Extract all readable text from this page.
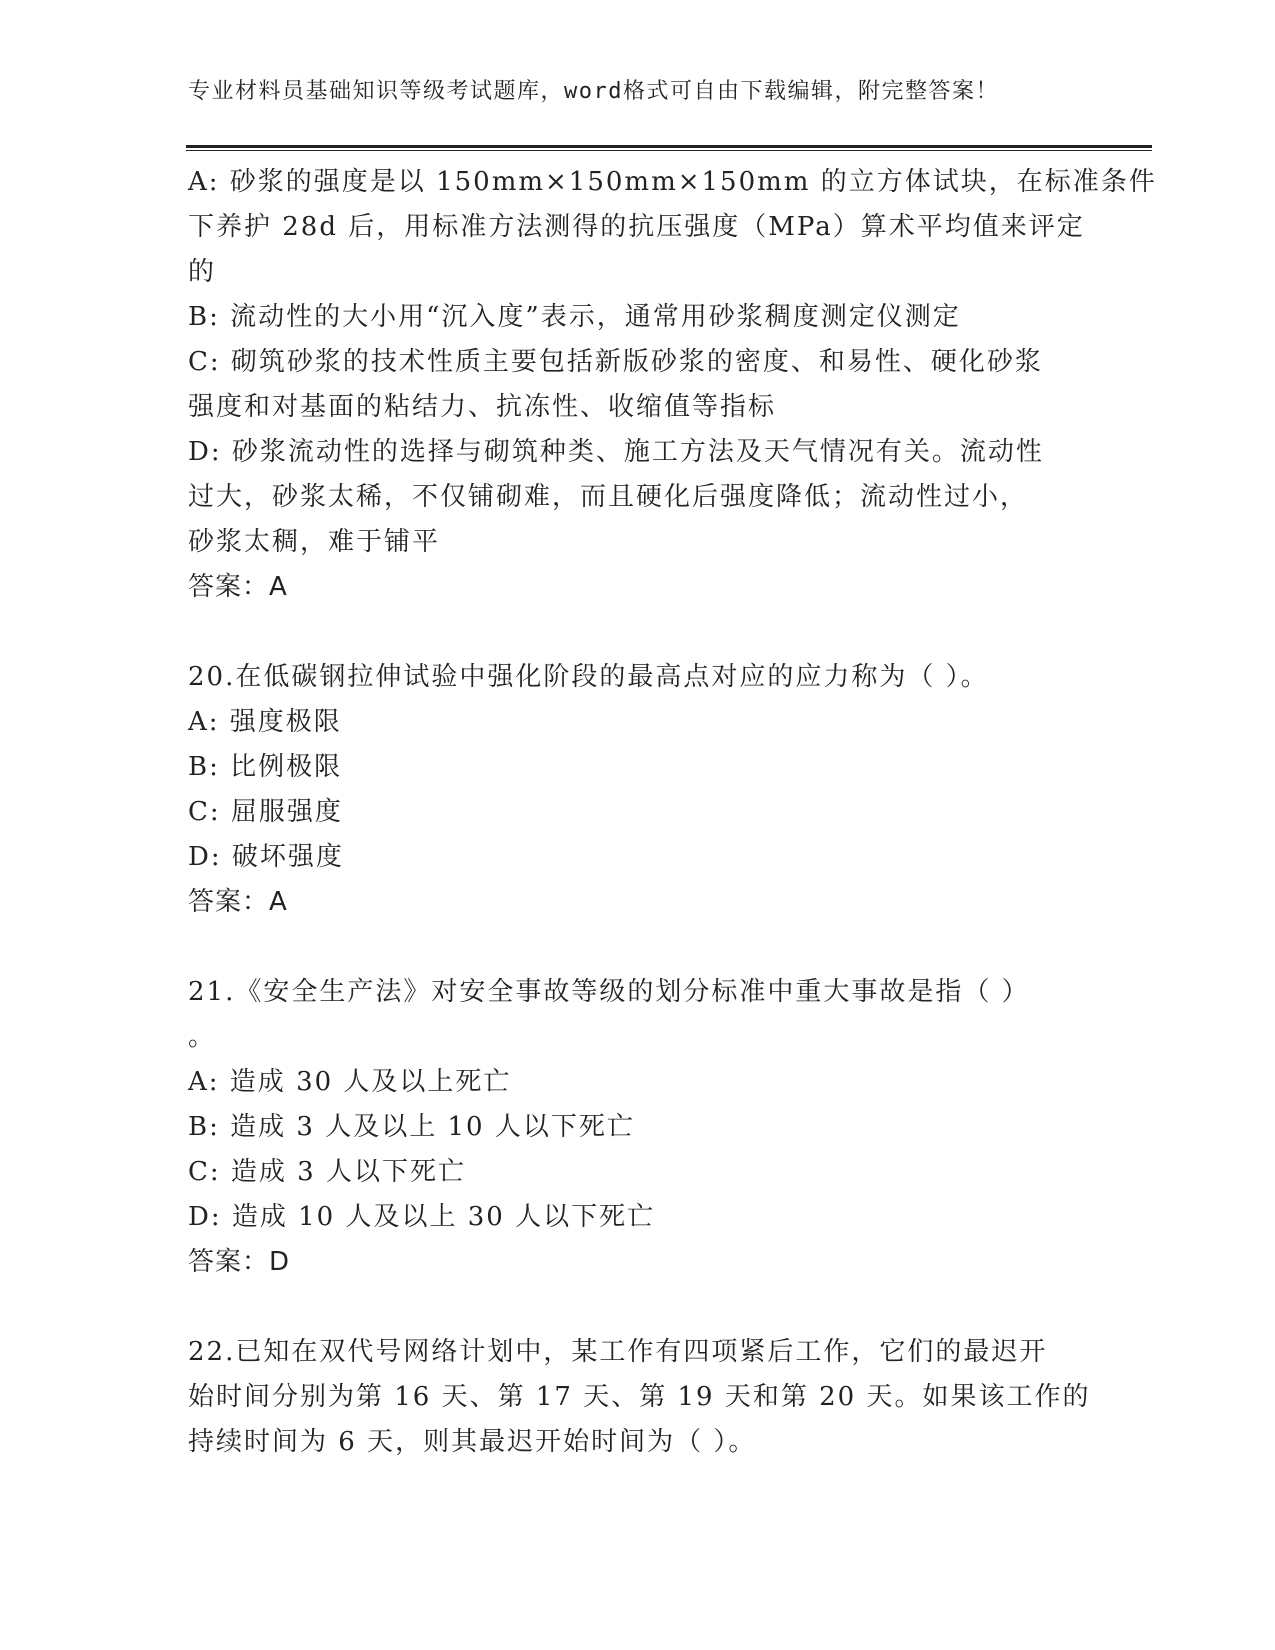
专业材料员基础知识等级考试题库，word格式可自由下载编辑，附完整答案！
A: 砂浆的强度是以 150mm×150mm×150mm 的立方体试块，在标准条件
下养护 28d 后，用标准方法测得的抗压强度（MPa）算术平均值来评定
的
B: 流动性的大小用“沉入度”表示，通常用砂浆稠度测定仪测定
C: 砌筑砂浆的技术性质主要包括新版砂浆的密度、和易性、硬化砂浆
强度和对基面的粘结力、抗冻性、收缩值等指标
D: 砂浆流动性的选择与砌筑种类、施工方法及天气情况有关。流动性
过大，砂浆太稀，不仅铺砌难，而且硬化后强度降低；流动性过小，
砂浆太稠，难于铺平
答案：A
20.在低碳钢拉伸试验中强化阶段的最高点对应的应力称为（ ）。
A: 强度极限
B: 比例极限
C: 屈服强度
D: 破坏强度
答案：A
21.《安全生产法》对安全事故等级的划分标准中重大事故是指（ ）
。
A: 造成 30 人及以上死亡
B: 造成 3 人及以上 10 人以下死亡
C: 造成 3 人以下死亡
D: 造成 10 人及以上 30 人以下死亡
答案：D
22.已知在双代号网络计划中，某工作有四项紧后工作，它们的最迟开
始时间分别为第 16 天、第 17 天、第 19 天和第 20 天。如果该工作的
持续时间为 6 天，则其最迟开始时间为（ ）。
